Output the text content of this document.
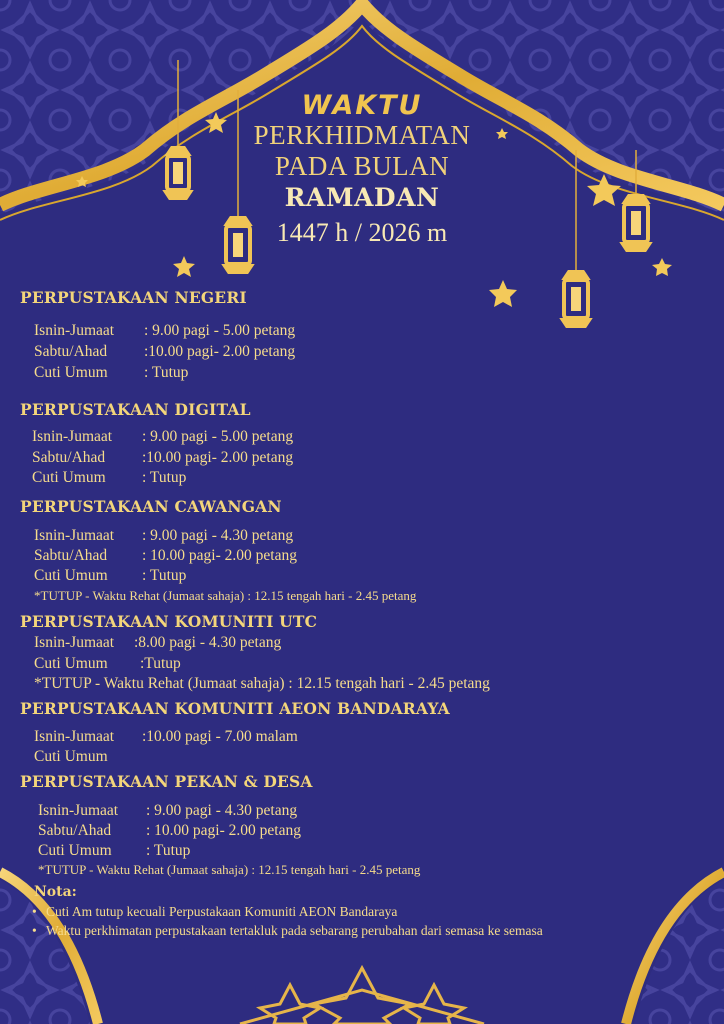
WAKTU
PERKHIDMATAN
PADA BULAN
RAMADAN
1447 h / 2026 m
PERPUSTAKAAN NEGERI
Isnin-Jumaat : 9.00 pagi - 5.00 petang
Sabtu/Ahad :10.00 pagi- 2.00 petang
Cuti Umum : Tutup
PERPUSTAKAAN DIGITAL
Isnin-Jumaat : 9.00 pagi - 5.00 petang
Sabtu/Ahad :10.00 pagi- 2.00 petang
Cuti Umum : Tutup
PERPUSTAKAAN CAWANGAN
Isnin-Jumaat : 9.00 pagi - 4.30 petang
Sabtu/Ahad : 10.00 pagi- 2.00 petang
Cuti Umum : Tutup
*TUTUP - Waktu Rehat (Jumaat sahaja) : 12.15 tengah hari - 2.45 petang
PERPUSTAKAAN KOMUNITI UTC
Isnin-Jumaat :8.00 pagi - 4.30 petang
Cuti Umum :Tutup
*TUTUP - Waktu Rehat (Jumaat sahaja) : 12.15 tengah hari - 2.45 petang
PERPUSTAKAAN KOMUNITI AEON BANDARAYA
Isnin-Jumaat :10.00 pagi - 7.00 malam
Cuti Umum
PERPUSTAKAAN PEKAN & DESA
Isnin-Jumaat : 9.00 pagi - 4.30 petang
Sabtu/Ahad : 10.00 pagi- 2.00 petang
Cuti Umum : Tutup
*TUTUP - Waktu Rehat (Jumaat sahaja) : 12.15 tengah hari - 2.45 petang
Nota:
• Cuti Am tutup kecuali Perpustakaan Komuniti AEON Bandaraya
• Waktu perkhimatan perpustakaan tertakluk pada sebarang perubahan dari semasa ke semasa
